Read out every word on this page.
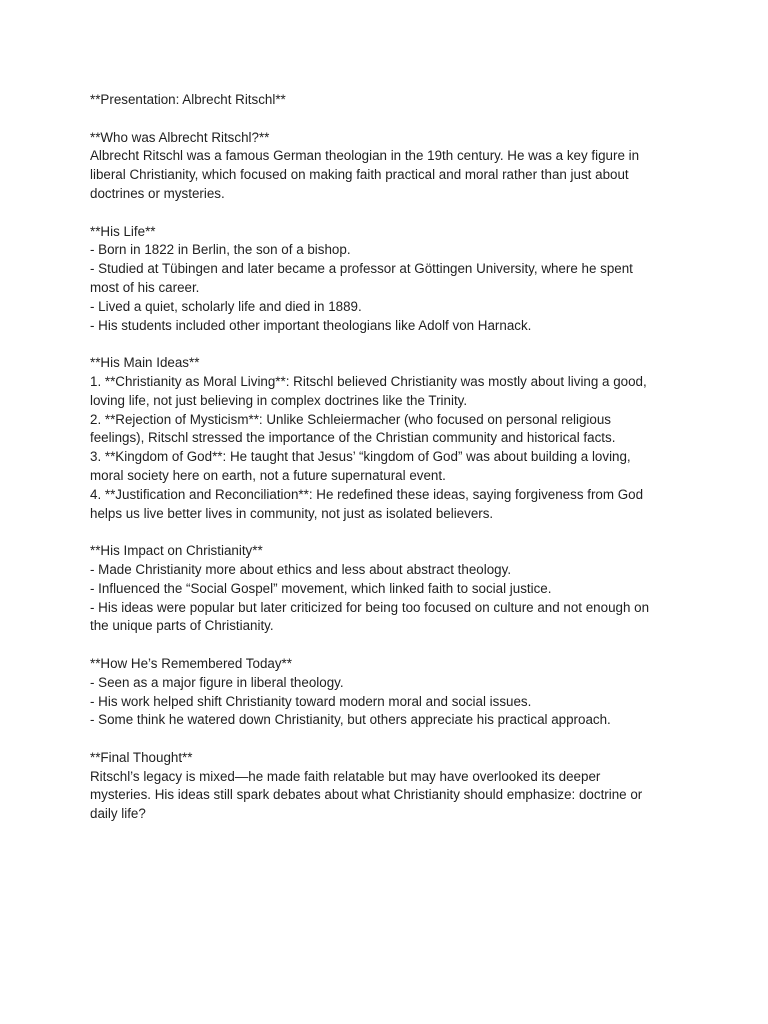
**Presentation: Albrecht Ritschl**

**Who was Albrecht Ritschl?**

Albrecht Ritschl was a famous German theologian in the 19th century. He was a key figure in

liberal Christianity, which focused on making faith practical and moral rather than just about

doctrines or mysteries.

**His Life**

- Born in 1822 in Berlin, the son of a bishop.

- Studied at Tübingen and later became a professor at Göttingen University, where he spent

most of his career.

- Lived a quiet, scholarly life and died in 1889.

- His students included other important theologians like Adolf von Harnack.

**His Main Ideas**

1. **Christianity as Moral Living**: Ritschl believed Christianity was mostly about living a good,

loving life, not just believing in complex doctrines like the Trinity.

2. **Rejection of Mysticism**: Unlike Schleiermacher (who focused on personal religious

feelings), Ritschl stressed the importance of the Christian community and historical facts.

3. **Kingdom of God**: He taught that Jesus’ “kingdom of God” was about building a loving,

moral society here on earth, not a future supernatural event.

4. **Justification and Reconciliation**: He redefined these ideas, saying forgiveness from God

helps us live better lives in community, not just as isolated believers.

**His Impact on Christianity**

- Made Christianity more about ethics and less about abstract theology.

- Influenced the “Social Gospel” movement, which linked faith to social justice.

- His ideas were popular but later criticized for being too focused on culture and not enough on

the unique parts of Christianity.

**How He’s Remembered Today**

- Seen as a major figure in liberal theology.

- His work helped shift Christianity toward modern moral and social issues.

- Some think he watered down Christianity, but others appreciate his practical approach.

**Final Thought**

Ritschl’s legacy is mixed—he made faith relatable but may have overlooked its deeper

mysteries. His ideas still spark debates about what Christianity should emphasize: doctrine or

daily life?
